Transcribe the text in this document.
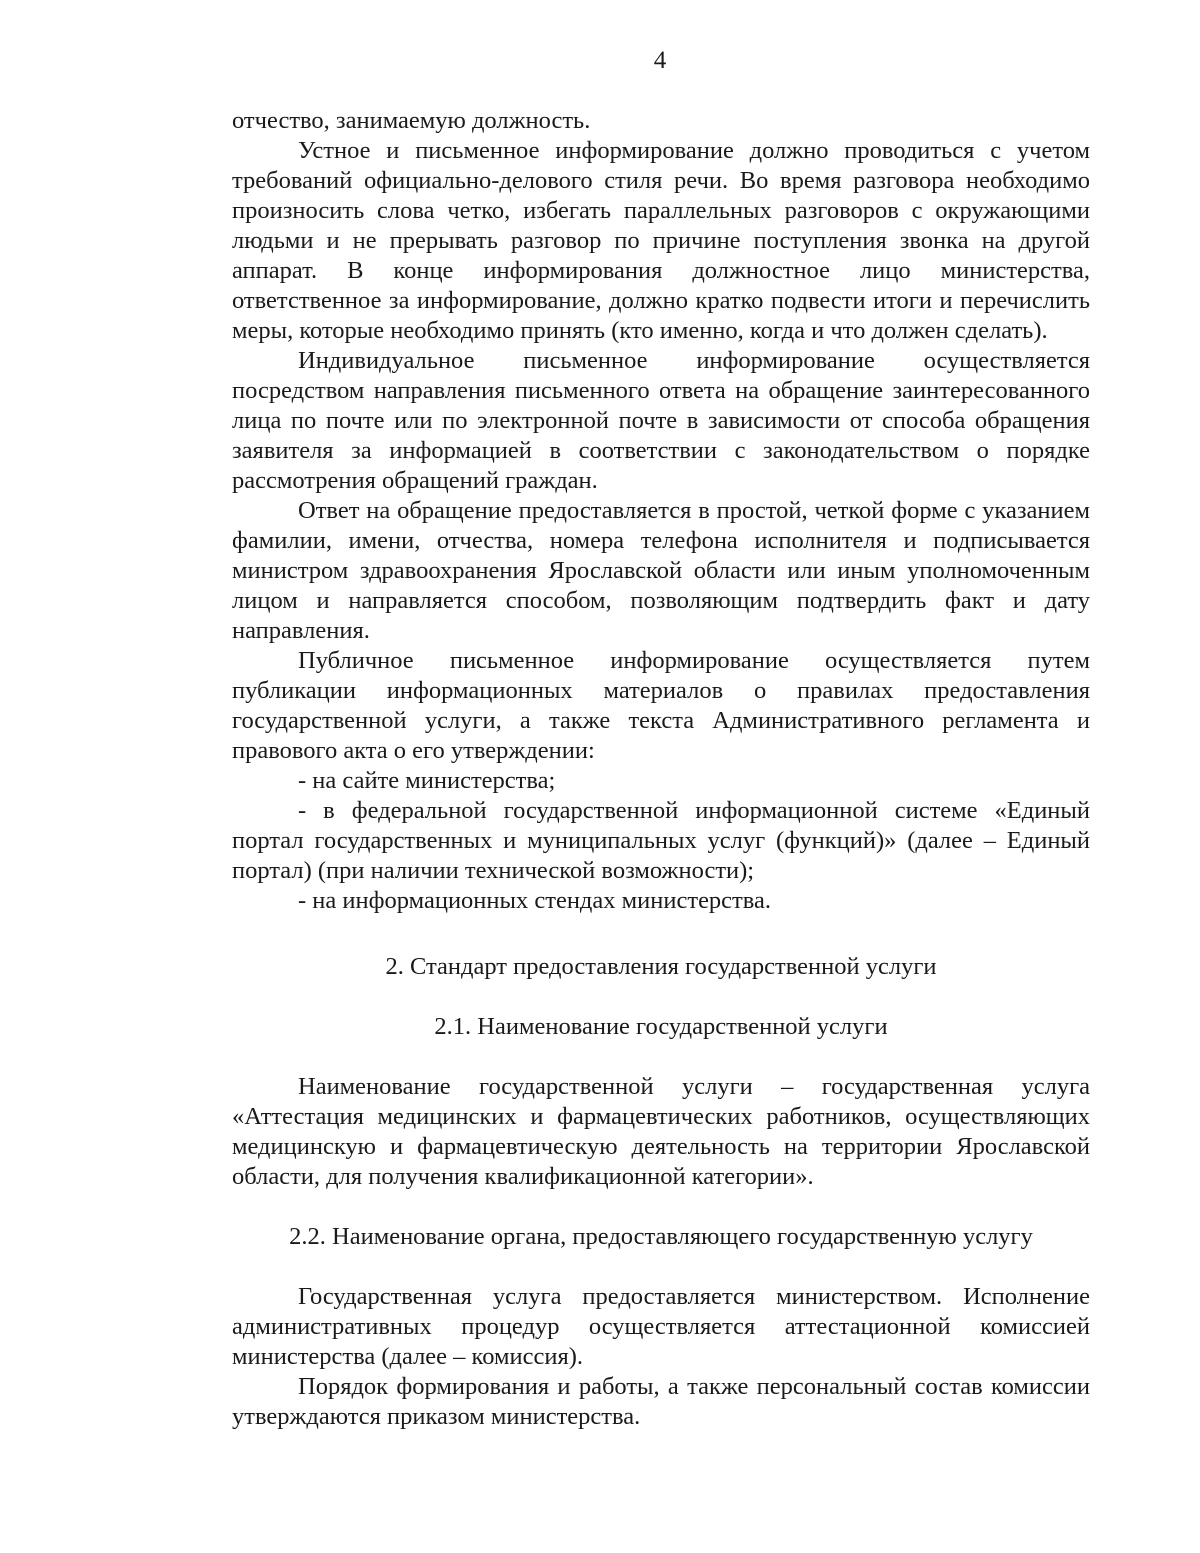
4

отчество, занимаемую должность.

Устное и письменное информирование должно проводиться с учетом требований официально-делового стиля речи. Во время разговора необходимо произносить слова четко, избегать параллельных разговоров с окружающими людьми и не прерывать разговор по причине поступления звонка на другой аппарат. В конце информирования должностное лицо министерства, ответственное за информирование, должно кратко подвести итоги и перечислить меры, которые необходимо принять (кто именно, когда и что должен сделать).

Индивидуальное письменное информирование осуществляется посредством направления письменного ответа на обращение заинтересованного лица по почте или по электронной почте в зависимости от способа обращения заявителя за информацией в соответствии с законодательством о порядке рассмотрения обращений граждан.

Ответ на обращение предоставляется в простой, четкой форме с указанием фамилии, имени, отчества, номера телефона исполнителя и подписывается министром здравоохранения Ярославской области или иным уполномоченным лицом и направляется способом, позволяющим подтвердить факт и дату направления.

Публичное письменное информирование осуществляется путем публикации информационных материалов о правилах предоставления государственной услуги, а также текста Административного регламента и правового акта о его утверждении:

- на сайте министерства;

- в федеральной государственной информационной системе «Единый портал государственных и муниципальных услуг (функций)» (далее – Единый портал) (при наличии технической возможности);

- на информационных стендах министерства.

2. Стандарт предоставления государственной услуги

2.1. Наименование государственной услуги

Наименование государственной услуги – государственная услуга «Аттестация медицинских и фармацевтических работников, осуществляющих медицинскую и фармацевтическую деятельность на территории Ярославской области, для получения квалификационной категории».

2.2. Наименование органа, предоставляющего государственную услугу

Государственная услуга предоставляется министерством. Исполнение административных процедур осуществляется аттестационной комиссией министерства (далее – комиссия).

Порядок формирования и работы, а также персональный состав комиссии утверждаются приказом министерства.
